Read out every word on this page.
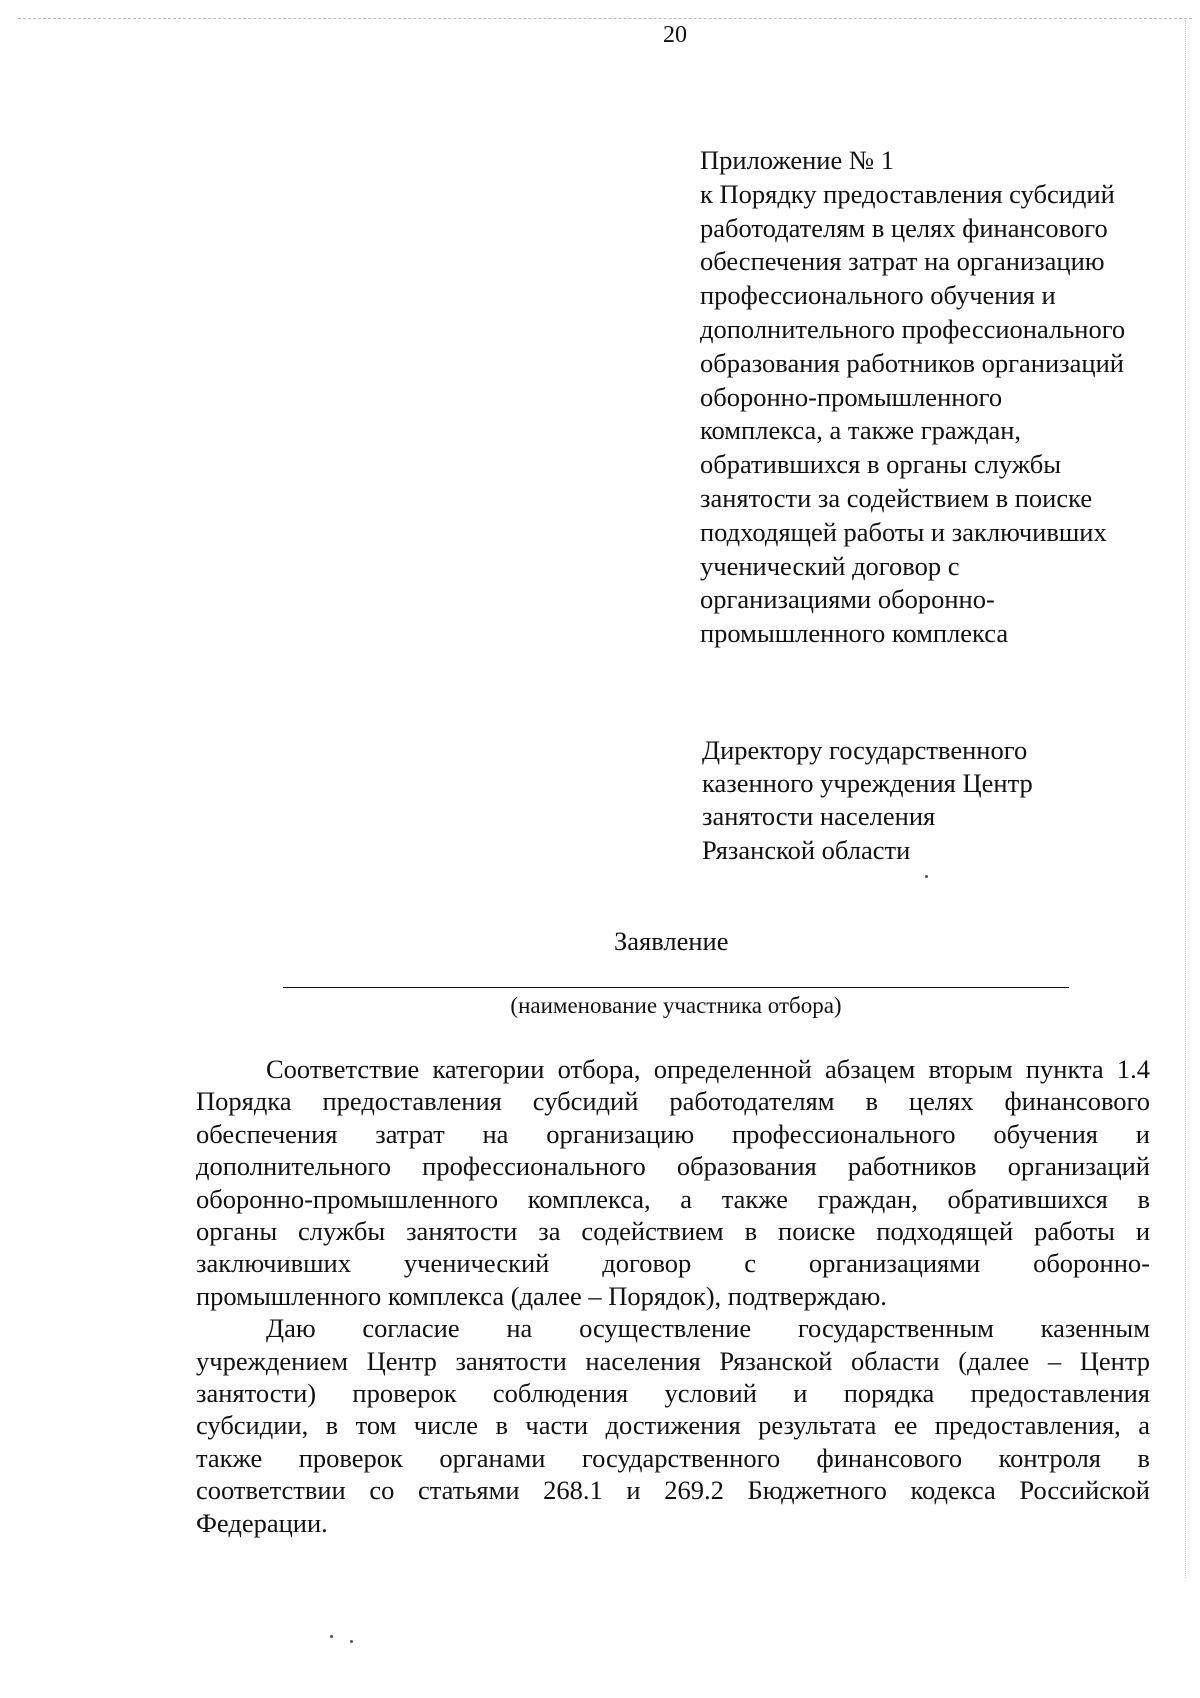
20
Приложение № 1
к Порядку предоставления субсидий
работодателям в целях финансового
обеспечения затрат на организацию
профессионального обучения и
дополнительного профессионального
образования работников организаций
оборонно-промышленного
комплекса, а также граждан,
обратившихся в органы службы
занятости за содействием в поиске
подходящей работы и заключивших
ученический договор с
организациями оборонно-
промышленного комплекса
Директору государственного
казенного учреждения Центр
занятости населения
Рязанской области
Заявление
(наименование участника отбора)
Соответствие категории отбора, определенной абзацем вторым пункта 1.4
Порядка предоставления субсидий работодателям в целях финансового
обеспечения затрат на организацию профессионального обучения и
дополнительного профессионального образования работников организаций
оборонно-промышленного комплекса, а также граждан, обратившихся в
органы службы занятости за содействием в поиске подходящей работы и
заключивших ученический договор с организациями оборонно-
промышленного комплекса (далее – Порядок), подтверждаю.
Даю согласие на осуществление государственным казенным
учреждением Центр занятости населения Рязанской области (далее – Центр
занятости) проверок соблюдения условий и порядка предоставления
субсидии, в том числе в части достижения результата ее предоставления, а
также проверок органами государственного финансового контроля в
соответствии со статьями 268.1 и 269.2 Бюджетного кодекса Российской
Федерации.
